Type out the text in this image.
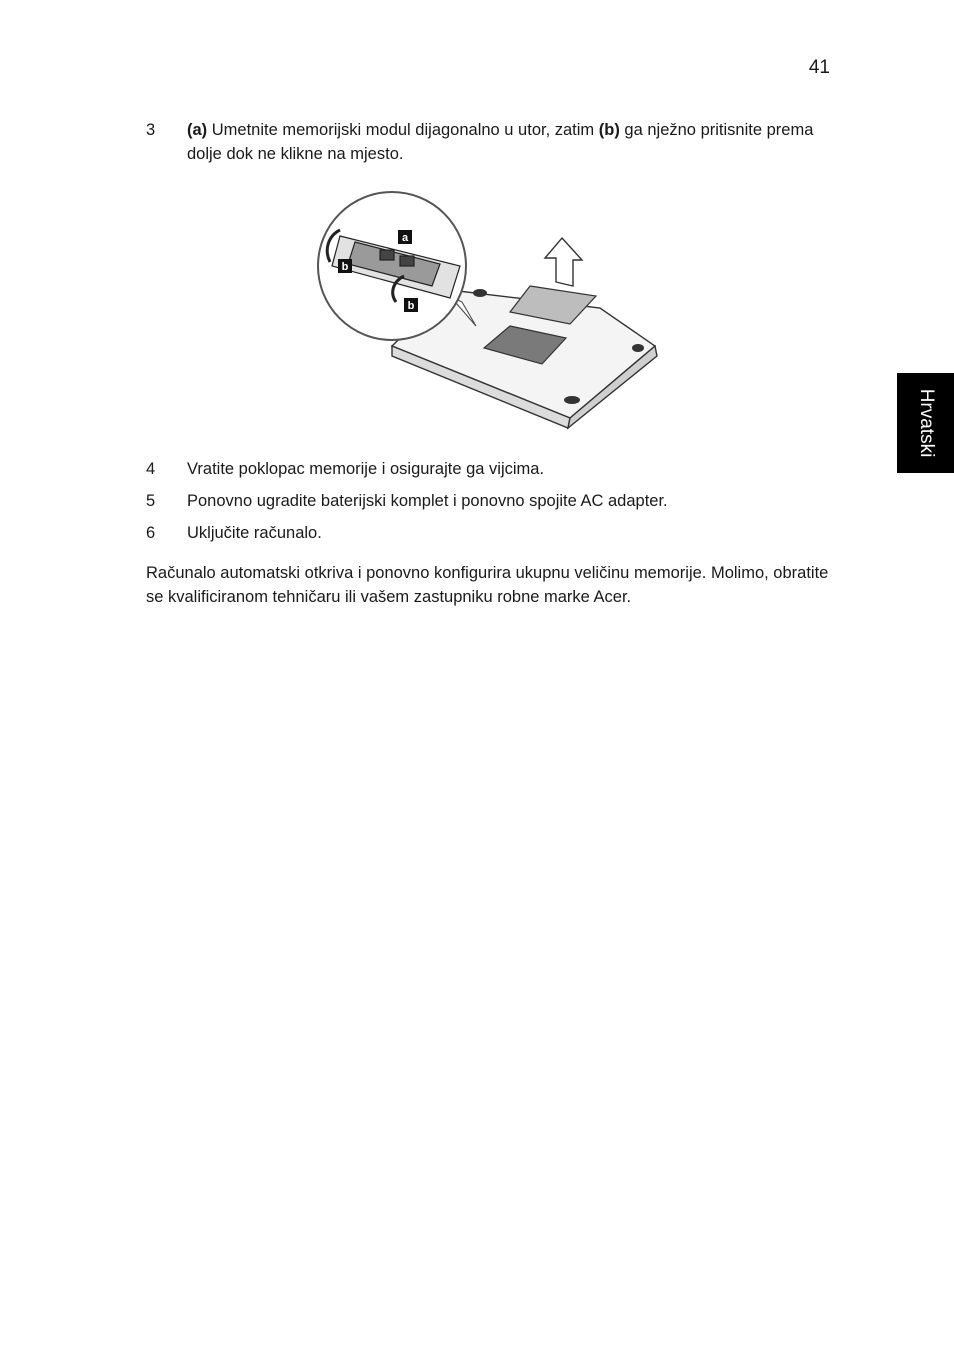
41
3	(a) Umetnite memorijski modul dijagonalno u utor, zatim (b) ga nježno pritisnite prema dolje dok ne klikne na mjesto.
a
b
b
4	Vratite poklopac memorije i osigurajte ga vijcima.
5	Ponovno ugradite baterijski komplet i ponovno spojite AC adapter.
6	Uključite računalo.
Računalo automatski otkriva i ponovno konfigurira ukupnu veličinu memorije. Molimo, obratite se kvalificiranom tehničaru ili vašem zastupniku robne marke Acer.
Hrvatski
